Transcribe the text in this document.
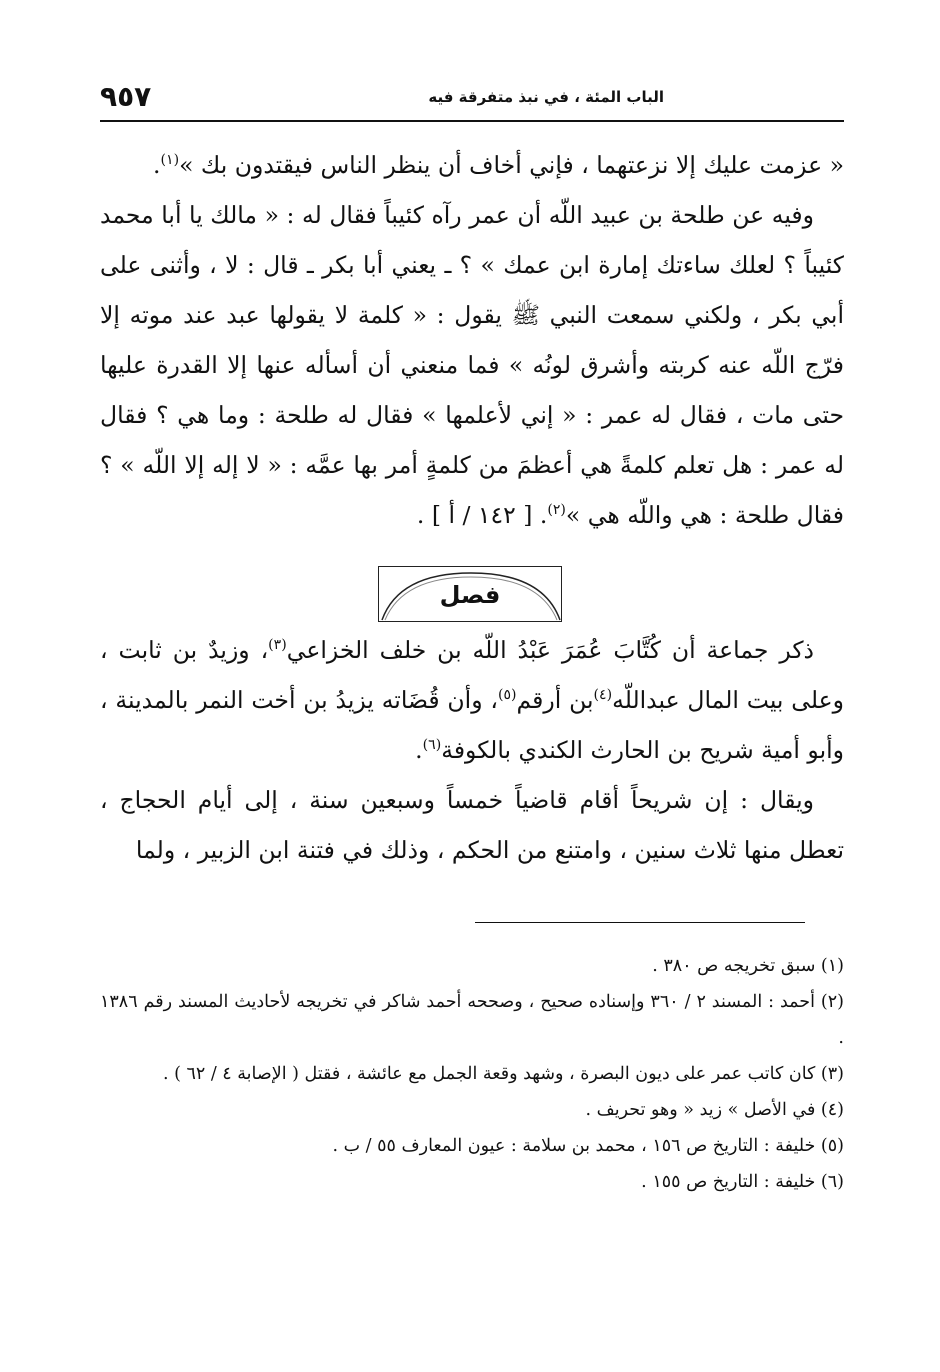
الباب المئة ، في نبذ متفرقة فيه
٩٥٧

« عزمت عليك إلا نزعتهما ، فإني أخاف أن ينظر الناس فيقتدون بك »$^{(١)}$.

وفيه عن طلحة بن عبيد اللّه أن عمر رآه كئيباً فقال له : « مالك يا أبا محمد كئيباً ؟ لعلك ساءتك إمارة ابن عمك » ؟ ـ يعني أبا بكر ـ قال : لا ، وأثنى على أبي بكر ، ولكني سمعت النبي ﷺ يقول : « كلمة لا يقولها عبد عند موته إلا فرّج اللّه عنه كربته وأشرق لونُه » فما منعني أن أسأله عنها إلا القدرة عليها حتى مات ، فقال له عمر : « إني لأعلمها » فقال له طلحة : وما هي ؟ فقال له عمر : هل تعلم كلمةً هي أعظمَ من كلمةٍ أمر بها عمَّه : « لا إله إلا اللّه » ؟ فقال طلحة : هي واللّه هي »$^{(٢)}$. [ ١٤٢ / أ ] .

فصل

ذكر جماعة أن كُتَّابَ عُمَرَ عَبْدُ اللّه بن خلف الخزاعي$^{(٣)}$، وزيدٌ بن ثابت ، وعلى بيت المال عبداللّه$^{(٤)}$بن أرقم$^{(٥)}$، وأن قُضَاته يزيدُ بن أخت النمر بالمدينة ، وأبو أمية شريح بن الحارث الكندي بالكوفة$^{(٦)}$.

ويقال : إن شريحاً أقام قاضياً خمساً وسبعين سنة ، إلى أيام الحجاج ، تعطل منها ثلاث سنين ، وامتنع من الحكم ، وذلك في فتنة ابن الزبير ، ولما

(١) سبق تخريجه ص ٣٨٠ .

(٢) أحمد : المسند ٢ / ٣٦٠ وإسناده صحيح ، وصححه أحمد شاكر في تخريجه لأحاديث المسند رقم ١٣٨٦ .

(٣) كان كاتب عمر على ديون البصرة ، وشهد وقعة الجمل مع عائشة ، فقتل ( الإصابة ٤ / ٦٢ ) .

(٤) في الأصل » زيد « وهو تحريف .

(٥) خليفة : التاريخ ص ١٥٦ ، محمد بن سلامة : عيون المعارف ٥٥ / ب .

(٦) خليفة : التاريخ ص ١٥٥ .
